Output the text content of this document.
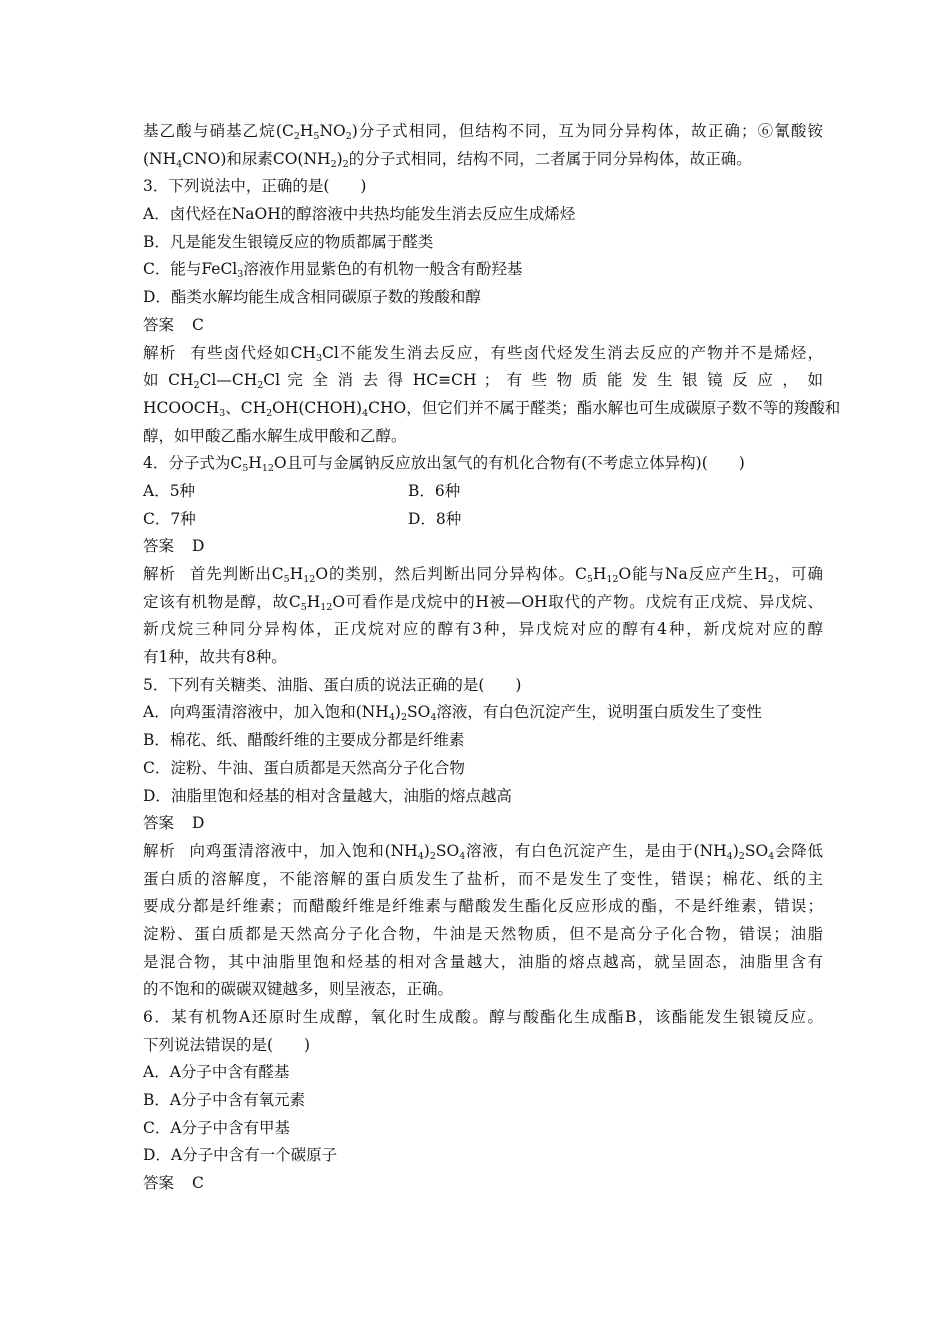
基乙酸与硝基乙烷$(C_2H_5NO_2)$分子式相同，但结构不同，互为同分异构体，故正确；⑥氰酸铵
$(NH_4CNO)$和尿素$CO(NH_2)_2$的分子式相同，结构不同，二者属于同分异构体，故正确。
3．下列说法中，正确的是(　　)
A．卤代烃在NaOH的醇溶液中共热均能发生消去反应生成烯烃
B．凡是能发生银镜反应的物质都属于醛类
C．能与FeCl$_3$溶液作用显紫色的有机物一般含有酚羟基
D．酯类水解均能生成含相同碳原子数的羧酸和醇
答案 C
解析 有些卤代烃如$CH_3Cl$不能发生消去反应，有些卤代烃发生消去反应的产物并不是烯烃，
如 $CH_2Cl—CH_2Cl$ 完 全 消 去 得 HC≡CH ； 有 些 物 质 能 发 生 银 镜 反 应 ， 如
$HCOOCH_3$、$CH_2OH(CHOH)_4CHO$，但它们并不属于醛类；酯水解也可生成碳原子数不等的羧酸和
醇，如甲酸乙酯水解生成甲酸和乙醇。
4．分子式为$C_5H_{12}O$且可与金属钠反应放出氢气的有机化合物有(不考虑立体异构)(　　)
A．5种	B．6种
C．7种	D．8种
答案 D
解析 首先判断出$C_5H_{12}O$的类别，然后判断出同分异构体。$C_5H_{12}O$能与Na反应产生$H_2$，可确
定该有机物是醇，故$C_5H_{12}O$可看作是戊烷中的H被—OH取代的产物。戊烷有正戊烷、异戊烷、
新戊烷三种同分异构体，正戊烷对应的醇有3种，异戊烷对应的醇有4种，新戊烷对应的醇
有1种，故共有8种。
5．下列有关糖类、油脂、蛋白质的说法正确的是(　　)
A．向鸡蛋清溶液中，加入饱和$(NH_4)_2SO_4$溶液，有白色沉淀产生，说明蛋白质发生了变性
B．棉花、纸、醋酸纤维的主要成分都是纤维素
C．淀粉、牛油、蛋白质都是天然高分子化合物
D．油脂里饱和烃基的相对含量越大，油脂的熔点越高
答案 D
解析 向鸡蛋清溶液中，加入饱和$(NH_4)_2SO_4$溶液，有白色沉淀产生，是由于$(NH_4)_2SO_4$会降低
蛋白质的溶解度，不能溶解的蛋白质发生了盐析，而不是发生了变性，错误；棉花、纸的主
要成分都是纤维素；而醋酸纤维是纤维素与醋酸发生酯化反应形成的酯，不是纤维素，错误；
淀粉、蛋白质都是天然高分子化合物，牛油是天然物质，但不是高分子化合物，错误；油脂
是混合物，其中油脂里饱和烃基的相对含量越大，油脂的熔点越高，就呈固态，油脂里含有
的不饱和的碳碳双键越多，则呈液态，正确。
6．某有机物A还原时生成醇，氧化时生成酸。醇与酸酯化生成酯B，该酯能发生银镜反应。
下列说法错误的是(　　)
A．A分子中含有醛基
B．A分子中含有氧元素
C．A分子中含有甲基
D．A分子中含有一个碳原子
答案 C
